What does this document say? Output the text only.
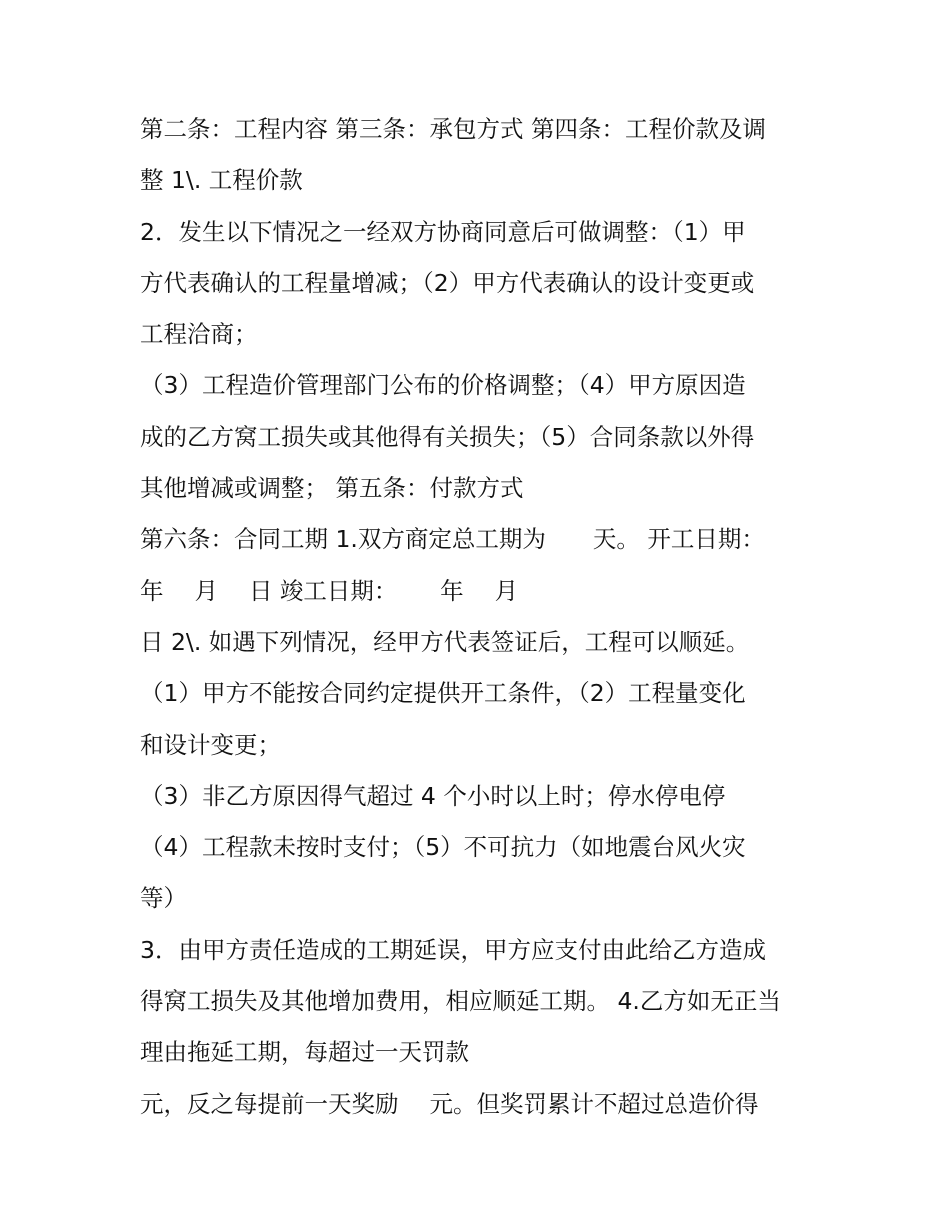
第二条：工程内容 第三条：承包方式 第四条：工程价款及调

整 1\. 工程价款

2．发生以下情况之一经双方协商同意后可做调整：（1）甲

方代表确认的工程量增减；（2）甲方代表确认的设计变更或

工程洽商；

（3）工程造价管理部门公布的价格调整；（4）甲方原因造

成的乙方窝工损失或其他得有关损失；（5）合同条款以外得

其他增减或调整； 第五条：付款方式

第六条：合同工期 1.双方商定总工期为　　天。 开工日期：

年　 月　 日 竣工日期：　　 年　 月

日 2\. 如遇下列情况，经甲方代表签证后，工程可以顺延。

（1）甲方不能按合同约定提供开工条件，（2）工程量变化

和设计变更；

（3）非乙方原因得气超过 4 个小时以上时；停水停电停

（4）工程款未按时支付；（5）不可抗力（如地震台风火灾

等）

3．由甲方责任造成的工期延误，甲方应支付由此给乙方造成

得窝工损失及其他增加费用，相应顺延工期。 4.乙方如无正当

理由拖延工期，每超过一天罚款

元，反之每提前一天奖励　 元。但奖罚累计不超过总造价得
